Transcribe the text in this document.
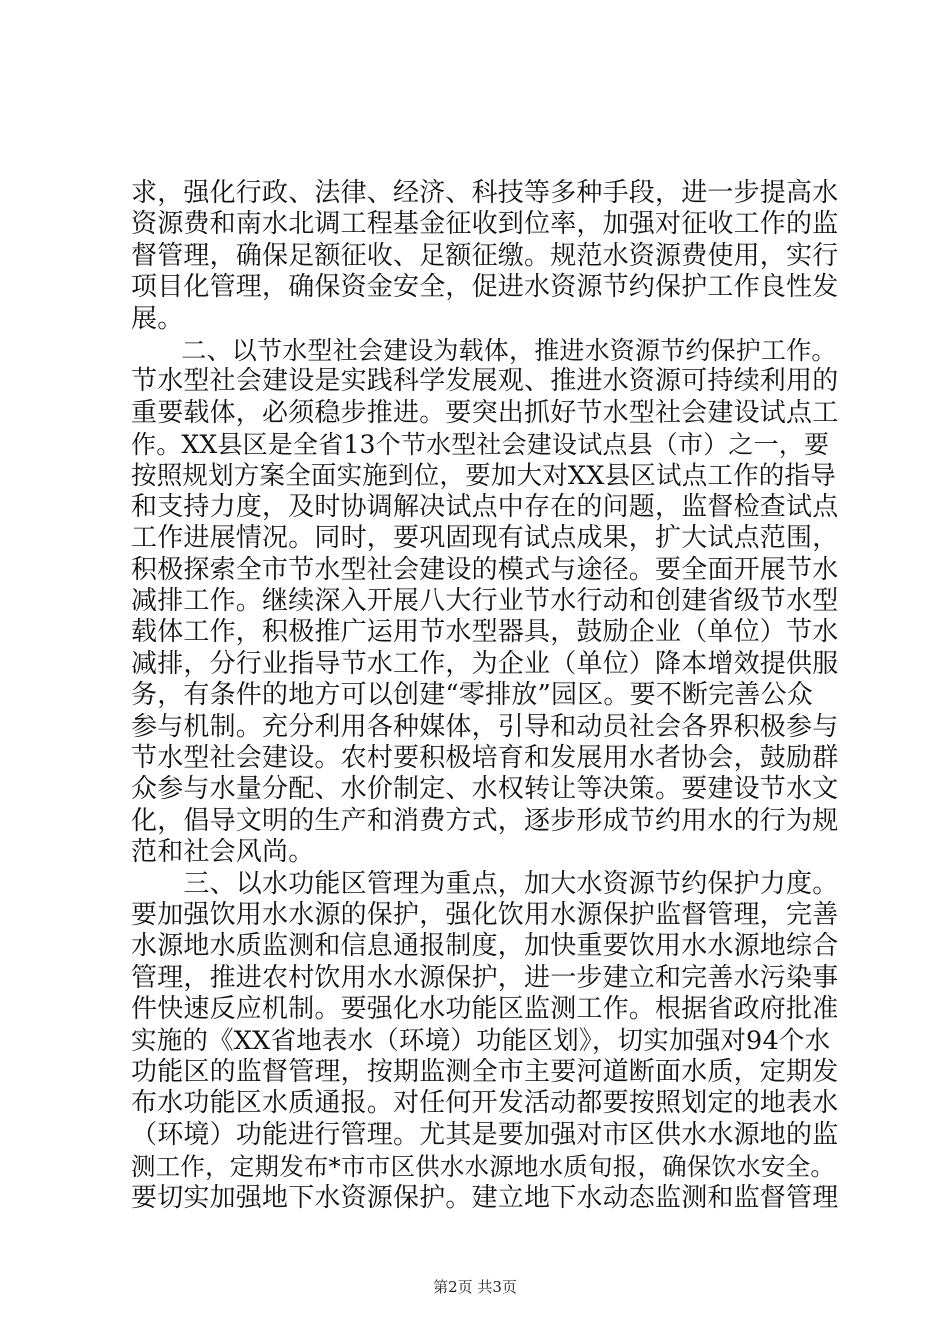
求，强化行政、法律、经济、科技等多种手段，进一步提高水
资源费和南水北调工程基金征收到位率，加强对征收工作的监
督管理，确保足额征收、足额征缴。规范水资源费使用，实行
项目化管理，确保资金安全，促进水资源节约保护工作良性发
展。
　　二、以节水型社会建设为载体，推进水资源节约保护工作。
节水型社会建设是实践科学发展观、推进水资源可持续利用的
重要载体，必须稳步推进。要突出抓好节水型社会建设试点工
作。XX县区是全省13个节水型社会建设试点县（市）之一，要
按照规划方案全面实施到位，要加大对XX县区试点工作的指导
和支持力度，及时协调解决试点中存在的问题，监督检查试点
工作进展情况。同时，要巩固现有试点成果，扩大试点范围，
积极探索全市节水型社会建设的模式与途径。要全面开展节水
减排工作。继续深入开展八大行业节水行动和创建省级节水型
载体工作，积极推广运用节水型器具，鼓励企业（单位）节水
减排，分行业指导节水工作，为企业（单位）降本增效提供服
务，有条件的地方可以创建“零排放”园区。要不断完善公众
参与机制。充分利用各种媒体，引导和动员社会各界积极参与
节水型社会建设。农村要积极培育和发展用水者协会，鼓励群
众参与水量分配、水价制定、水权转让等决策。要建设节水文
化，倡导文明的生产和消费方式，逐步形成节约用水的行为规
范和社会风尚。
　　三、以水功能区管理为重点，加大水资源节约保护力度。
要加强饮用水水源的保护，强化饮用水源保护监督管理，完善
水源地水质监测和信息通报制度，加快重要饮用水水源地综合
管理，推进农村饮用水水源保护，进一步建立和完善水污染事
件快速反应机制。要强化水功能区监测工作。根据省政府批准
实施的《XX省地表水（环境）功能区划》，切实加强对94个水
功能区的监督管理，按期监测全市主要河道断面水质，定期发
布水功能区水质通报。对任何开发活动都要按照划定的地表水
（环境）功能进行管理。尤其是要加强对市区供水水源地的监
测工作，定期发布*市市区供水水源地水质旬报，确保饮水安全。
要切实加强地下水资源保护。建立地下水动态监测和监督管理
第2页 共3页
